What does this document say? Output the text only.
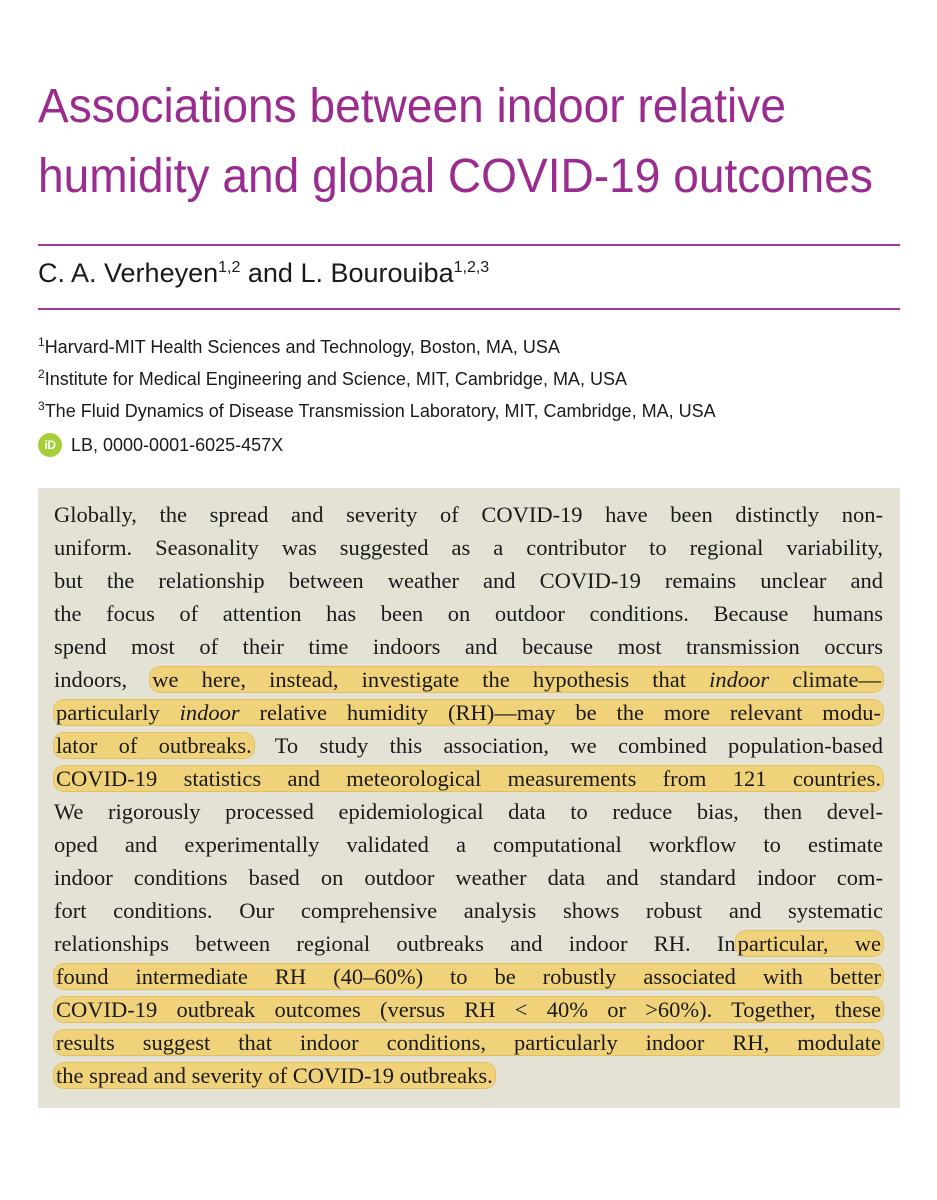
Associations between indoor relative
humidity and global COVID-19 outcomes

C. A. Verheyen$^{1,2}$ and L. Bourouiba$^{1,2,3}$

$^1$Harvard-MIT Health Sciences and Technology, Boston, MA, USA
$^2$Institute for Medical Engineering and Science, MIT, Cambridge, MA, USA
$^3$The Fluid Dynamics of Disease Transmission Laboratory, MIT, Cambridge, MA, USA
iD LB, 0000-0001-6025-457X
Globally, the spread and severity of COVID-19 have been distinctly non-
uniform. Seasonality was suggested as a contributor to regional variability,
but the relationship between weather and COVID-19 remains unclear and
the focus of attention has been on outdoor conditions. Because humans
spend most of their time indoors and because most transmission occurs
indoors, we here, instead, investigate the hypothesis that indoor climate—
particularly indoor relative humidity (RH)—may be the more relevant modu-
lator of outbreaks. To study this association, we combined population-based
COVID-19 statistics and meteorological measurements from 121 countries.
We rigorously processed epidemiological data to reduce bias, then devel-
oped and experimentally validated a computational workflow to estimate
indoor conditions based on outdoor weather data and standard indoor com-
fort conditions. Our comprehensive analysis shows robust and systematic
relationships between regional outbreaks and indoor RH. Inparticular, we
found intermediate RH (40–60%) to be robustly associated with better
COVID-19 outbreak outcomes (versus RH < 40% or >60%). Together, these
results suggest that indoor conditions, particularly indoor RH, modulate
the spread and severity of COVID-19 outbreaks.
